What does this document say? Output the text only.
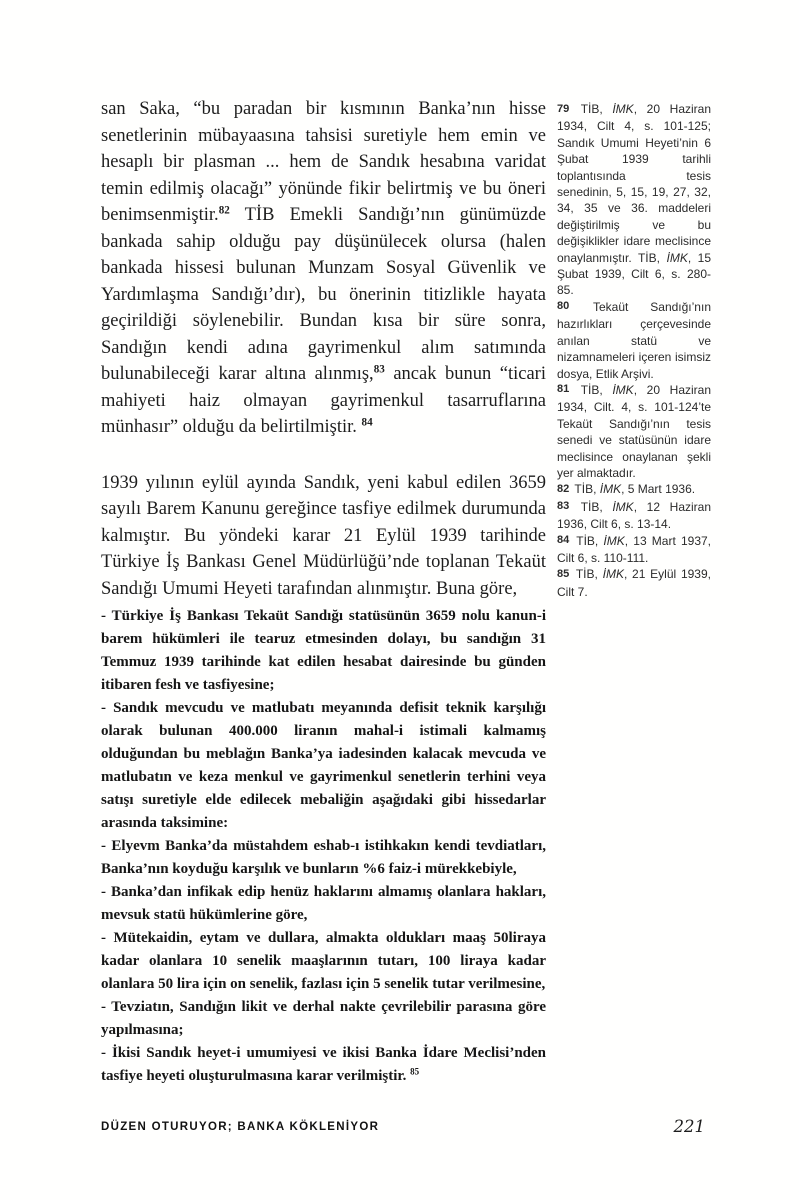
san Saka, “bu paradan bir kısmının Banka’nın hisse senetlerinin mübayaasına tahsisi suretiyle hem emin ve hesaplı bir plasman ... hem de Sandık hesabına varidat temin edilmiş olacağı” yönünde fikir belirtmiş ve bu öneri benimsenmiştir.$^{82}$ TİB Emekli Sandığı’nın günümüzde bankada sahip olduğu pay düşünülecek olursa (halen bankada hissesi bulunan Munzam Sosyal Güvenlik ve Yardımlaşma Sandığı’dır), bu önerinin titizlikle hayata geçirildiği söylenebilir. Bundan kısa bir süre sonra, Sandığın kendi adına gayrimenkul alım satımında bulunabileceği karar altına alınmış,$^{83}$ ancak bunun “ticari mahiyeti haiz olmayan gayrimenkul tasarruflarına münhasır” olduğu da belirtilmiştir. $^{84}$

1939 yılının eylül ayında Sandık, yeni kabul edilen 3659 sayılı Barem Kanunu gereğince tasfiye edilmek durumunda kalmıştır. Bu yöndeki karar 21 Eylül 1939 tarihinde Türkiye İş Bankası Genel Müdürlüğü’nde toplanan Tekaüt Sandığı Umumi Heyeti tarafından alınmıştır. Buna göre,

- Türkiye İş Bankası Tekaüt Sandığı statüsünün 3659 nolu kanun-i barem hükümleri ile tearuz etmesinden dolayı, bu sandığın 31 Temmuz 1939 tarihinde kat edilen hesabat dairesinde bu günden itibaren fesh ve tasfiyesine;

- Sandık mevcudu ve matlubatı meyanında defisit teknik karşılığı olarak bulunan 400.000 liranın mahal-i istimali kalmamış olduğundan bu meblağın Banka’ya iadesinden kalacak mevcuda ve matlubatın ve keza menkul ve gayrimenkul senetlerin terhini veya satışı suretiyle elde edilecek mebaliğin aşağıdaki gibi hissedarlar arasında taksimine:

- Elyevm Banka’da müstahdem eshab-ı istihkakın kendi tevdiatları, Banka’nın koyduğu karşılık ve bunların %6 faiz-i mürekkebiyle,

- Banka’dan infikak edip henüz haklarını almamış olanlara hakları, mevsuk statü hükümlerine göre,

- Mütekaidin, eytam ve dullara, almakta oldukları maaş 50liraya kadar olanlara 10 senelik maaşlarının tutarı, 100 liraya kadar olanlara 50 lira için on senelik, fazlası için 5 senelik tutar verilmesine,

- Tevziatın, Sandığın likit ve derhal nakte çevrilebilir parasına göre yapılmasına;

- İkisi Sandık heyet-i umumiyesi ve ikisi Banka İdare Meclisi’nden tasfiye heyeti oluşturulmasına karar verilmiştir. $^{85}$

79 TİB, İMK, 20 Haziran 1934, Cilt 4, s. 101-125; Sandık Umumi Heyeti’nin 6 Şubat 1939 tarihli toplantısında tesis senedinin, 5, 15, 19, 27, 32, 34, 35 ve 36. maddeleri değiştirilmiş ve bu değişiklikler idare meclisince onaylanmıştır. TİB, İMK, 15 Şubat 1939, Cilt 6, s. 280-85.

80 Tekaüt Sandığı’nın hazırlıkları çerçevesinde anılan statü ve nizamnameleri içeren isimsiz dosya, Etlik Arşivi.

81 TİB, İMK, 20 Haziran 1934, Cilt. 4, s. 101-124’te Tekaüt Sandığı’nın tesis senedi ve statüsünün idare meclisince onaylanan şekli yer almaktadır.

82 TİB, İMK, 5 Mart 1936.

83 TİB, İMK, 12 Haziran 1936, Cilt 6, s. 13-14.

84 TİB, İMK, 13 Mart 1937, Cilt 6, s. 110-111.

85 TİB, İMK, 21 Eylül 1939, Cilt 7.

DÜZEN OTURUYOR; BANKA KÖKLENİYOR	221
